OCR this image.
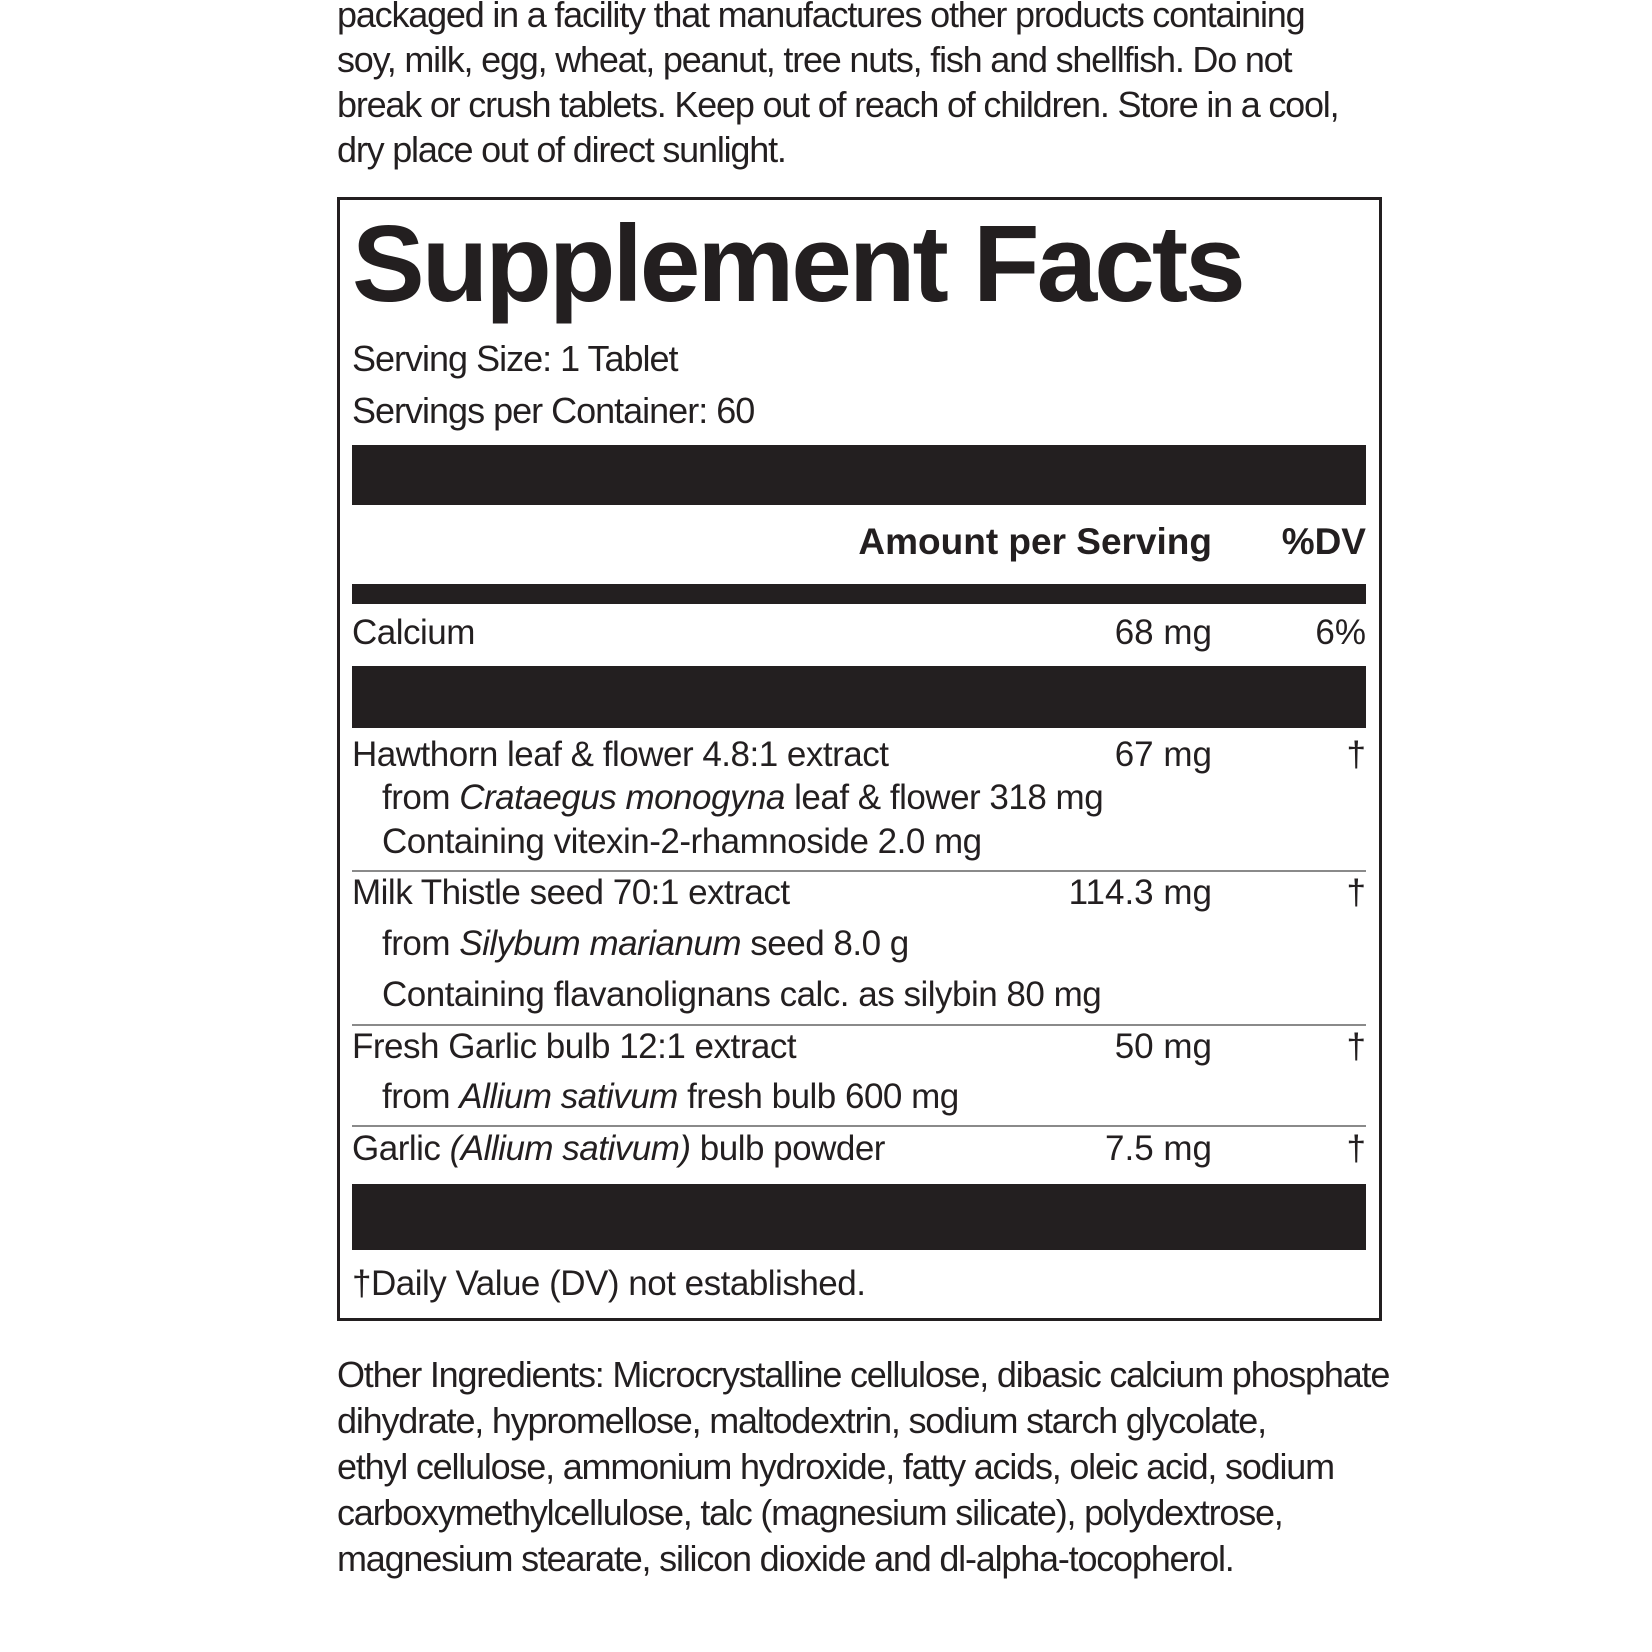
packaged in a facility that manufactures other products containing
soy, milk, egg, wheat, peanut, tree nuts, fish and shellfish. Do not
break or crush tablets. Keep out of reach of children. Store in a cool,
dry place out of direct sunlight.
Supplement Facts
Serving Size: 1 Tablet
Servings per Container: 60
Amount per Serving %DV
Calcium	68 mg	6%
Hawthorn leaf & flower 4.8:1 extract	67 mg	†
from Crataegus monogyna leaf & flower 318 mg
Containing vitexin-2-rhamnoside 2.0 mg
Milk Thistle seed 70:1 extract	114.3 mg	†
from Silybum marianum seed 8.0 g
Containing flavanolignans calc. as silybin 80 mg
Fresh Garlic bulb 12:1 extract	50 mg	†
from Allium sativum fresh bulb 600 mg
Garlic (Allium sativum) bulb powder	7.5 mg	†
†Daily Value (DV) not established.
Other Ingredients: Microcrystalline cellulose, dibasic calcium phosphate
dihydrate, hypromellose, maltodextrin, sodium starch glycolate,
ethyl cellulose, ammonium hydroxide, fatty acids, oleic acid, sodium
carboxymethylcellulose, talc (magnesium silicate), polydextrose,
magnesium stearate, silicon dioxide and dl-alpha-tocopherol.
